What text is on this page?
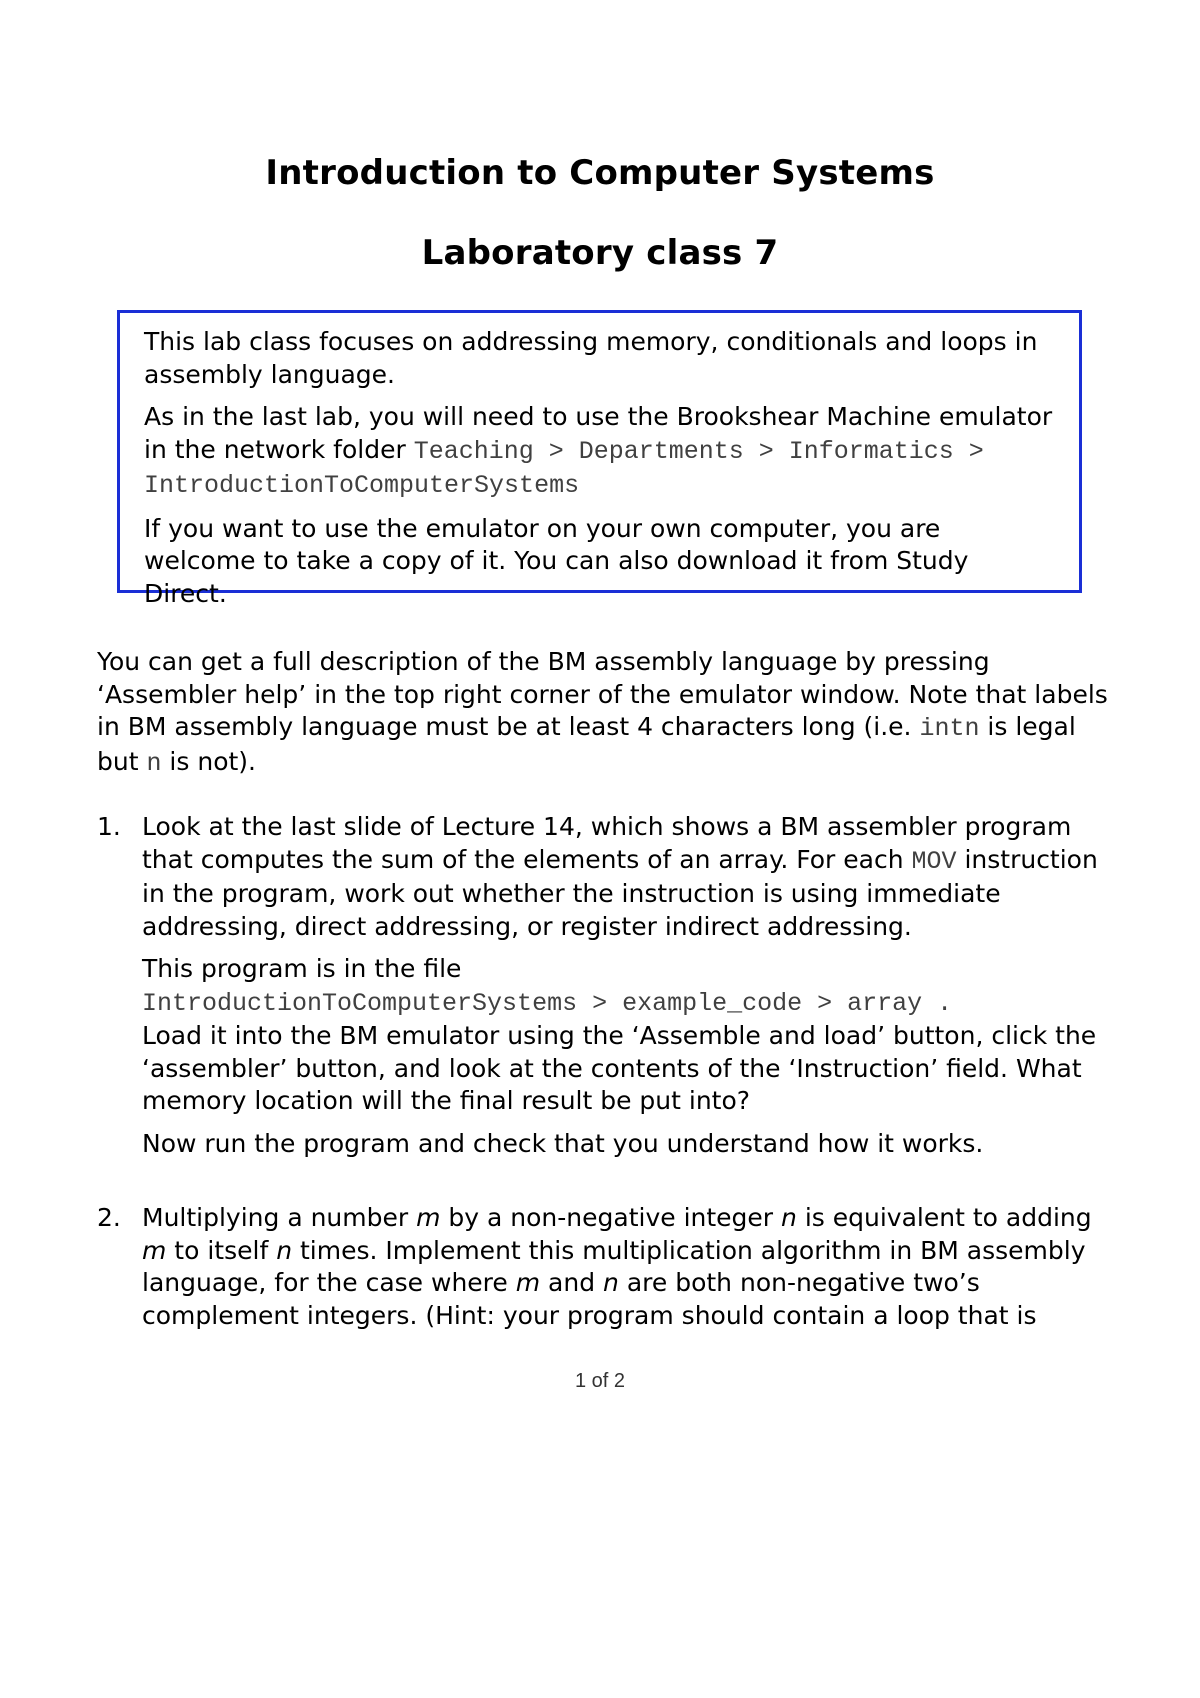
Introduction to Computer Systems
Laboratory class 7

This lab class focuses on addressing memory, conditionals and loops in assembly language.

As in the last lab, you will need to use the Brookshear Machine emulator in the network folder Teaching > Departments > Informatics > IntroductionToComputerSystems

If you want to use the emulator on your own computer, you are welcome to take a copy of it. You can also download it from Study Direct.

You can get a full description of the BM assembly language by pressing ‘Assembler help’ in the top right corner of the emulator window. Note that labels in BM assembly language must be at least 4 characters long (i.e. intn is legal but n is not).
1. Look at the last slide of Lecture 14, which shows a BM assembler program that computes the sum of the elements of an array. For each MOV instruction in the program, work out whether the instruction is using immediate addressing, direct addressing, or register indirect addressing.

This program is in the file
IntroductionToComputerSystems > example_code > array .
Load it into the BM emulator using the ‘Assemble and load’ button, click the ‘assembler’ button, and look at the contents of the ‘Instruction’ field. What memory location will the final result be put into?

Now run the program and check that you understand how it works.

2. Multiplying a number m by a non-negative integer n is equivalent to adding m to itself n times. Implement this multiplication algorithm in BM assembly language, for the case where m and n are both non-negative two’s complement integers. (Hint: your program should contain a loop that is

1 of 2
